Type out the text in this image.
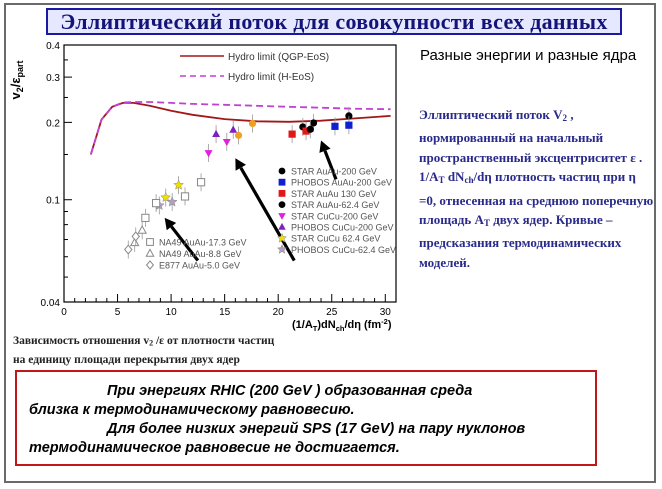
Эллиптический поток для совокупности всех данных
0.04
0.1
0.2
0.3
0.4
0	5	10	15	20	25	30
Hydro limit (QGP-EoS)
Hydro limit (H-EoS)
STAR AuAu-200 GeV
PHOBOS AuAu-200 GeV
STAR AuAu 130 GeV
STAR AuAu-62.4 GeV
STAR CuCu-200 GeV
PHOBOS CuCu-200 GeV
STAR CuCu 62.4 GeV
PHOBOS CuCu-62.4 GeV
NA49 AuAu-17.3 GeV
NA49 AuAu-8.8 GeV
E877 AuAu-5.0 GeV
$v_2/\varepsilon_{part}$
$(1/A_T)dN_{ch}/d\eta$ $(fm^{-2})$
Разные энергии и разные ядра
Эллиптический поток $V_2$ , нормированный на начальный пространственный эксцентриситет ε .
$1/A_T$ $dN_{ch}/d\eta$ плотность частиц при η =0, отнесенная на среднюю поперечную площадь $A_T$ двух ядер. Кривые – предсказания термодинамических моделей.
Зависимость отношения v2 /ε от плотности частиц
на единицу площади перекрытия двух ядер
При энергиях RHIC (200 GeV ) образованная среда
близка к термодинамическому равновесию.
Для более низких энергий SPS (17 GeV) на пару нуклонов
термодинамическое равновесие не достигается.
